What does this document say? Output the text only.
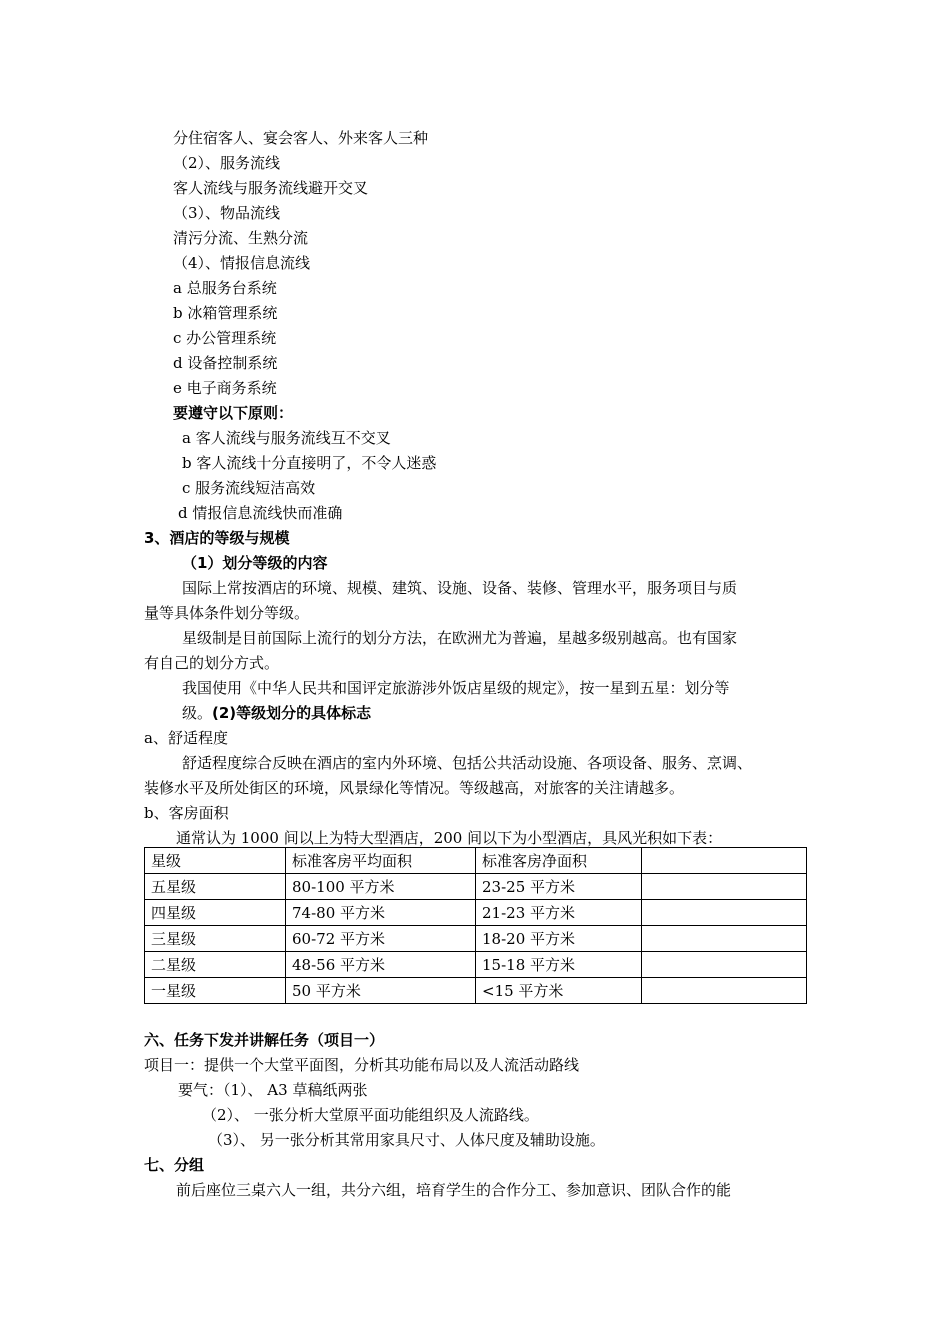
分住宿客人、宴会客人、外来客人三种
（2）、服务流线
客人流线与服务流线避开交叉
（3）、物品流线
清污分流、生熟分流
（4）、情报信息流线
a 总服务台系统
b 冰箱管理系统
c 办公管理系统
d 设备控制系统
e 电子商务系统
要遵守以下原则：
a 客人流线与服务流线互不交叉
b 客人流线十分直接明了，不令人迷惑
c 服务流线短洁高效
d 情报信息流线快而准确
3、酒店的等级与规模
（1）划分等级的内容
国际上常按酒店的环境、规模、建筑、设施、设备、装修、管理水平，服务项目与质
量等具体条件划分等级。
星级制是目前国际上流行的划分方法，在欧洲尤为普遍，星越多级别越高。也有国家
有自己的划分方式。
我国使用《中华人民共和国评定旅游涉外饭店星级的规定》，按一星到五星：划分等
级。(2)等级划分的具体标志
a、舒适程度
舒适程度综合反映在酒店的室内外环境、包括公共活动设施、各项设备、服务、烹调、
装修水平及所处街区的环境，风景绿化等情况。等级越高，对旅客的关注请越多。
b、客房面积
通常认为 1000 间以上为特大型酒店，200 间以下为小型酒店，具风光积如下表：
星级	标准客房平均面积	标准客房净面积	
五星级	80-100 平方米	23-25 平方米	
四星级	74-80 平方米	21-23 平方米	
三星级	60-72 平方米	18-20 平方米	
二星级	48-56 平方米	15-18 平方米	
一星级	50 平方米	<15 平方米	
六、任务下发并讲解任务（项目一）
项目一：提供一个大堂平面图，分析其功能布局以及人流活动路线
要气：（1）、 A3 草稿纸两张
（2）、 一张分析大堂原平面功能组织及人流路线。
（3）、 另一张分析其常用家具尺寸、人体尺度及辅助设施。
七、分组
前后座位三桌六人一组，共分六组，培育学生的合作分工、参加意识、团队合作的能
